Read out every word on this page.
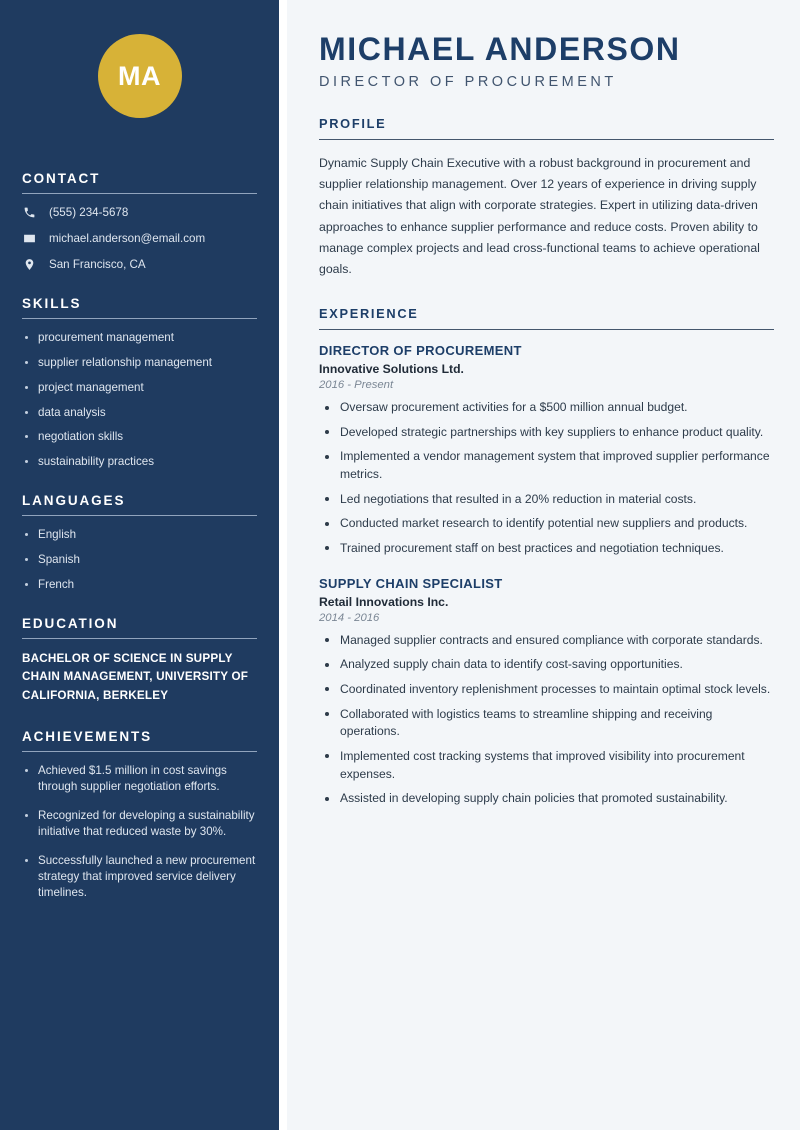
MA
CONTACT
(555) 234-5678
michael.anderson@email.com
San Francisco, CA
SKILLS
procurement management
supplier relationship management
project management
data analysis
negotiation skills
sustainability practices
LANGUAGES
English
Spanish
French
EDUCATION
BACHELOR OF SCIENCE IN SUPPLY CHAIN MANAGEMENT, UNIVERSITY OF CALIFORNIA, BERKELEY
ACHIEVEMENTS
Achieved $1.5 million in cost savings through supplier negotiation efforts.
Recognized for developing a sustainability initiative that reduced waste by 30%.
Successfully launched a new procurement strategy that improved service delivery timelines.
MICHAEL ANDERSON
DIRECTOR OF PROCUREMENT
PROFILE

Dynamic Supply Chain Executive with a robust background in procurement and supplier relationship management. Over 12 years of experience in driving supply chain initiatives that align with corporate strategies. Expert in utilizing data-driven approaches to enhance supplier performance and reduce costs. Proven ability to manage complex projects and lead cross-functional teams to achieve operational goals.

EXPERIENCE
DIRECTOR OF PROCUREMENT
Innovative Solutions Ltd.
2016 - Present
Oversaw procurement activities for a $500 million annual budget.
Developed strategic partnerships with key suppliers to enhance product quality.
Implemented a vendor management system that improved supplier performance metrics.
Led negotiations that resulted in a 20% reduction in material costs.
Conducted market research to identify potential new suppliers and products.
Trained procurement staff on best practices and negotiation techniques.
SUPPLY CHAIN SPECIALIST
Retail Innovations Inc.
2014 - 2016
Managed supplier contracts and ensured compliance with corporate standards.
Analyzed supply chain data to identify cost-saving opportunities.
Coordinated inventory replenishment processes to maintain optimal stock levels.
Collaborated with logistics teams to streamline shipping and receiving operations.
Implemented cost tracking systems that improved visibility into procurement expenses.
Assisted in developing supply chain policies that promoted sustainability.
